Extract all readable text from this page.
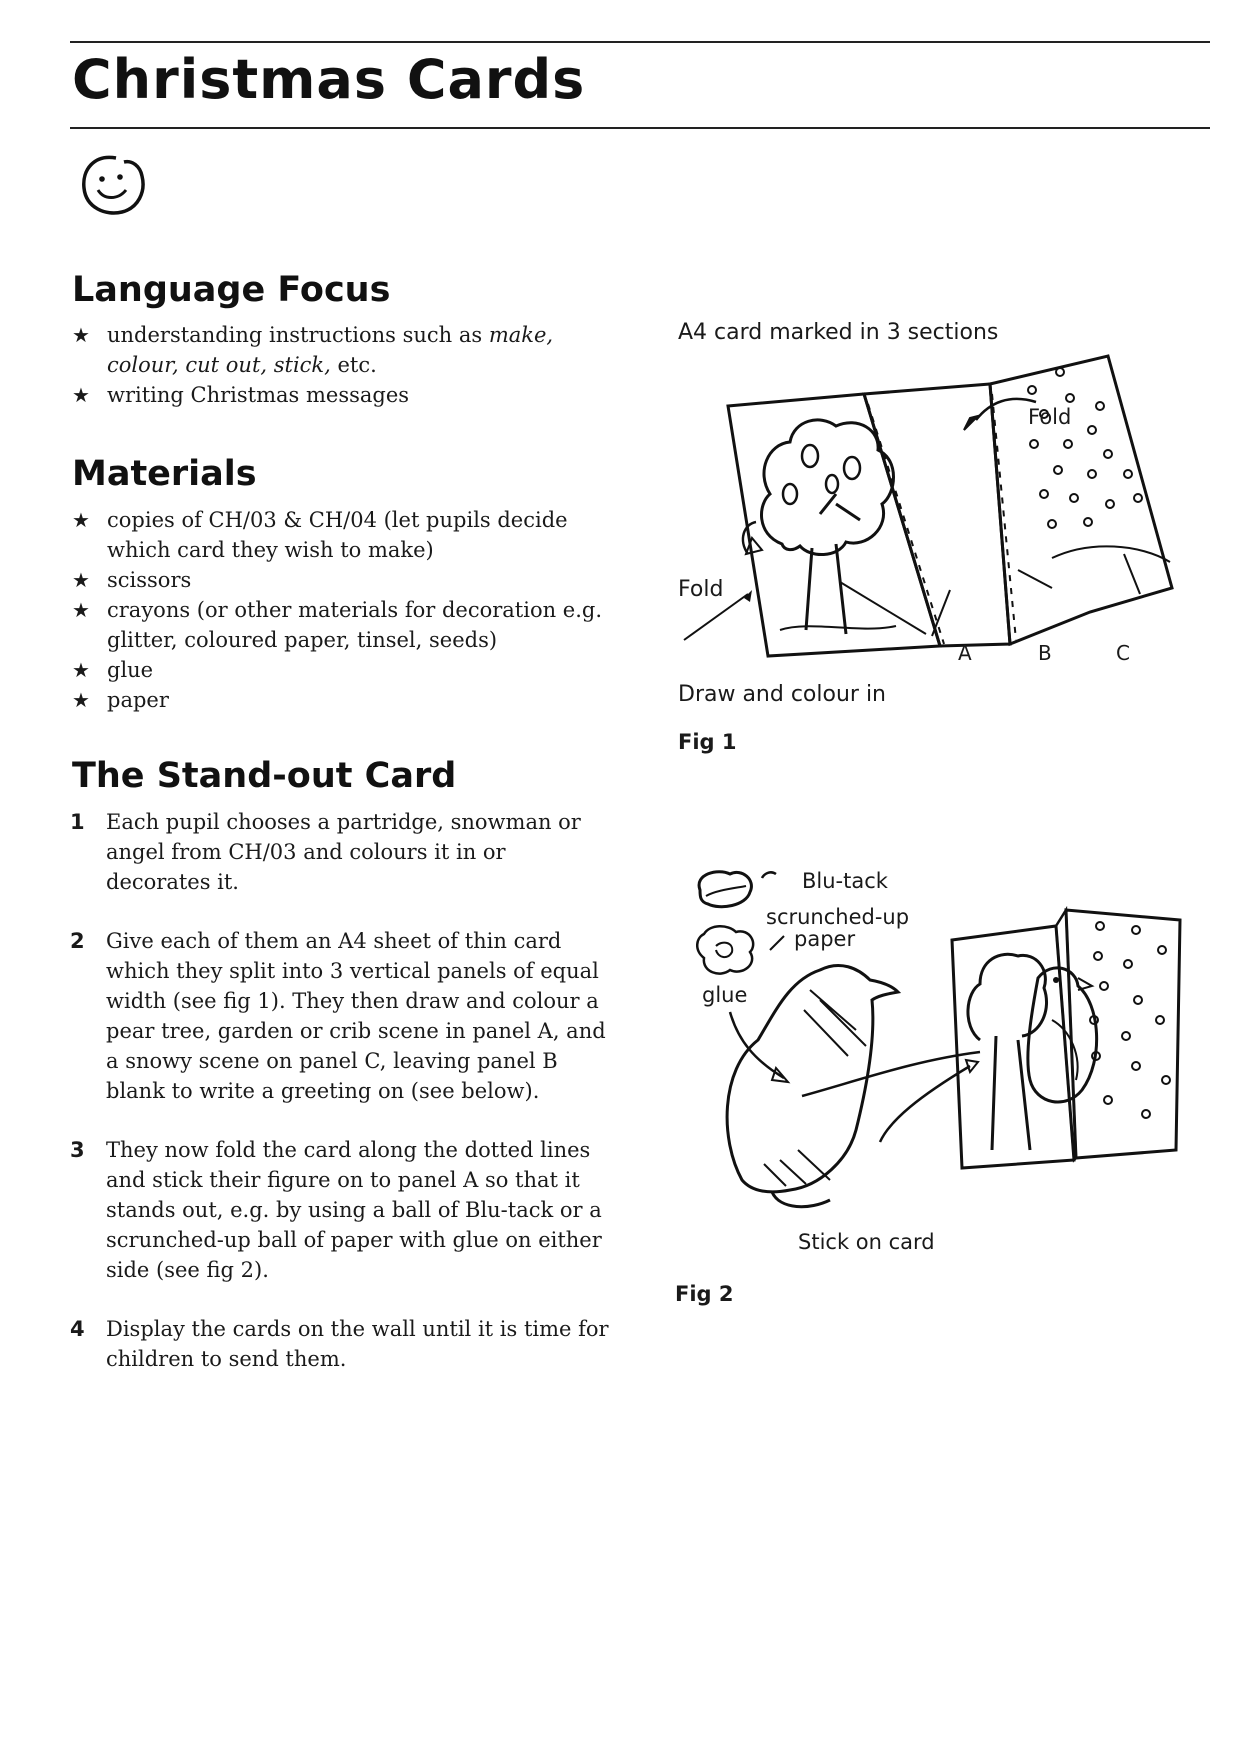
Christmas Cards
Language Focus
★ understanding instructions such as make,
colour, cut out, stick, etc.
★ writing Christmas messages
Materials
★ copies of CH/03 & CH/04 (let pupils decide which card they wish to make)
★ scissors
★ crayons (or other materials for decoration e.g. glitter, coloured paper, tinsel, seeds)
★ glue
★ paper
The Stand-out Card
1 Each pupil chooses a partridge, snowman or angel from CH/03 and colours it in or decorates it.
2 Give each of them an A4 sheet of thin card which they split into 3 vertical panels of equal width (see fig 1). They then draw and colour a pear tree, garden or crib scene in panel A, and a snowy scene on panel C, leaving panel B blank to write a greeting on (see below).
3 They now fold the card along the dotted lines and stick their figure on to panel A so that it stands out, e.g. by using a ball of Blu-tack or a scrunched-up ball of paper with glue on either side (see fig 2).
4 Display the cards on the wall until it is time for children to send them.
A4 card marked in 3 sections
Fold
A	B	C
Fold
Draw and colour in
Fig 1
Blu-tack
scrunched-up
paper
glue
Stick on card
Fig 2
